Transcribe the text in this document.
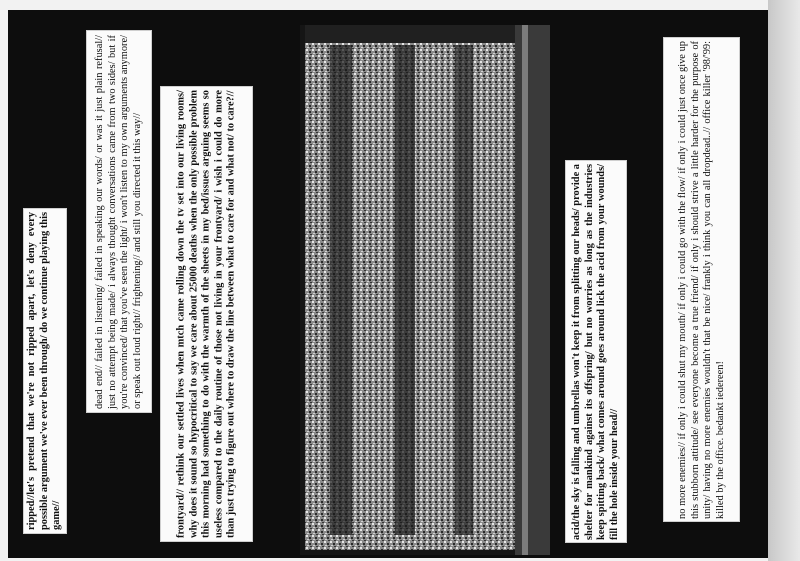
ripped//let's pretend that we're not ripped apart, let's deny every possible argument we've ever been through/ do we continue playing this game//
dead end// failed in listening/ failed in speaking our words/ or was it just plain refusal// just no attempt being made/ i always thought conversations came from two sides/ but if you're convinced/ that you've seen the light/ i won't listen to my own arguments anymore/ or speak out loud right// frightening// and still you directed it this way//	frontyard// rethink our settled lives when mtch came rolling down the tv set into our living rooms/ why does it sound so hypocritical to say we care about 25000 deaths when the only possible problem this morning had something to do with the warmth of the sheets in my bed/issues arguing seems so useless compared to the daily routine of those not living in your frontyard/ i wish i could do more than just trying to figure out where to draw the line between what to care for and what not/ to care?//	acid/the sky is falling and umbrellas won't keep it from splitting our heads/ provide a shelter for mankind against its offspring/ but no worries as long as the industries keep spitting back/ what comes around goes around lick the acid from your wounds/ fill the hole inside your head//	no more enemies// if only i could shut my mouth/ if only i could go with the flow/ if only i could just once give up this stubborn attitude/ see everyone become a true friend/ if only i should strive a little harder for the purpose of unity/ having no more enemies wouldn't that be nice/ frankly i think you can all dropdead..// office killer '98/'99: killed by the office. bedankt iedereen!
